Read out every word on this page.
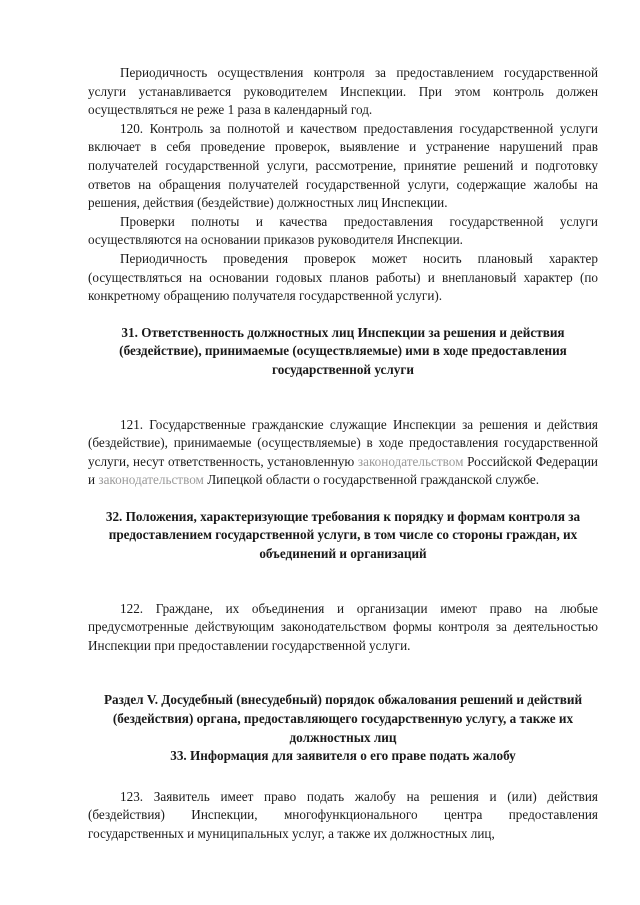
Периодичность осуществления контроля за предоставлением государственной услуги устанавливается руководителем Инспекции. При этом контроль должен осуществляться не реже 1 раза в календарный год.

120. Контроль за полнотой и качеством предоставления государственной услуги включает в себя проведение проверок, выявление и устранение нарушений прав получателей государственной услуги, рассмотрение, принятие решений и подготовку ответов на обращения получателей государственной услуги, содержащие жалобы на решения, действия (бездействие) должностных лиц Инспекции.

Проверки полноты и качества предоставления государственной услуги осуществляются на основании приказов руководителя Инспекции.

Периодичность проведения проверок может носить плановый характер (осуществляться на основании годовых планов работы) и внеплановый характер (по конкретному обращению получателя государственной услуги).

31. Ответственность должностных лиц Инспекции за решения и действия (бездействие), принимаемые (осуществляемые) ими в ходе предоставления государственной услуги

121. Государственные гражданские служащие Инспекции за решения и действия (бездействие), принимаемые (осуществляемые) в ходе предоставления государственной услуги, несут ответственность, установленную законодательством Российской Федерации и законодательством Липецкой области о государственной гражданской службе.

32. Положения, характеризующие требования к порядку и формам контроля за предоставлением государственной услуги, в том числе со стороны граждан, их объединений и организаций

122. Граждане, их объединения и организации имеют право на любые предусмотренные действующим законодательством формы контроля за деятельностью Инспекции при предоставлении государственной услуги.

Раздел V. Досудебный (внесудебный) порядок обжалования решений и действий (бездействия) органа, предоставляющего государственную услугу, а также их должностных лиц

33. Информация для заявителя о его праве подать жалобу

123. Заявитель имеет право подать жалобу на решения и (или) действия (бездействия) Инспекции, многофункционального центра предоставления государственных и муниципальных услуг, а также их должностных лиц,
